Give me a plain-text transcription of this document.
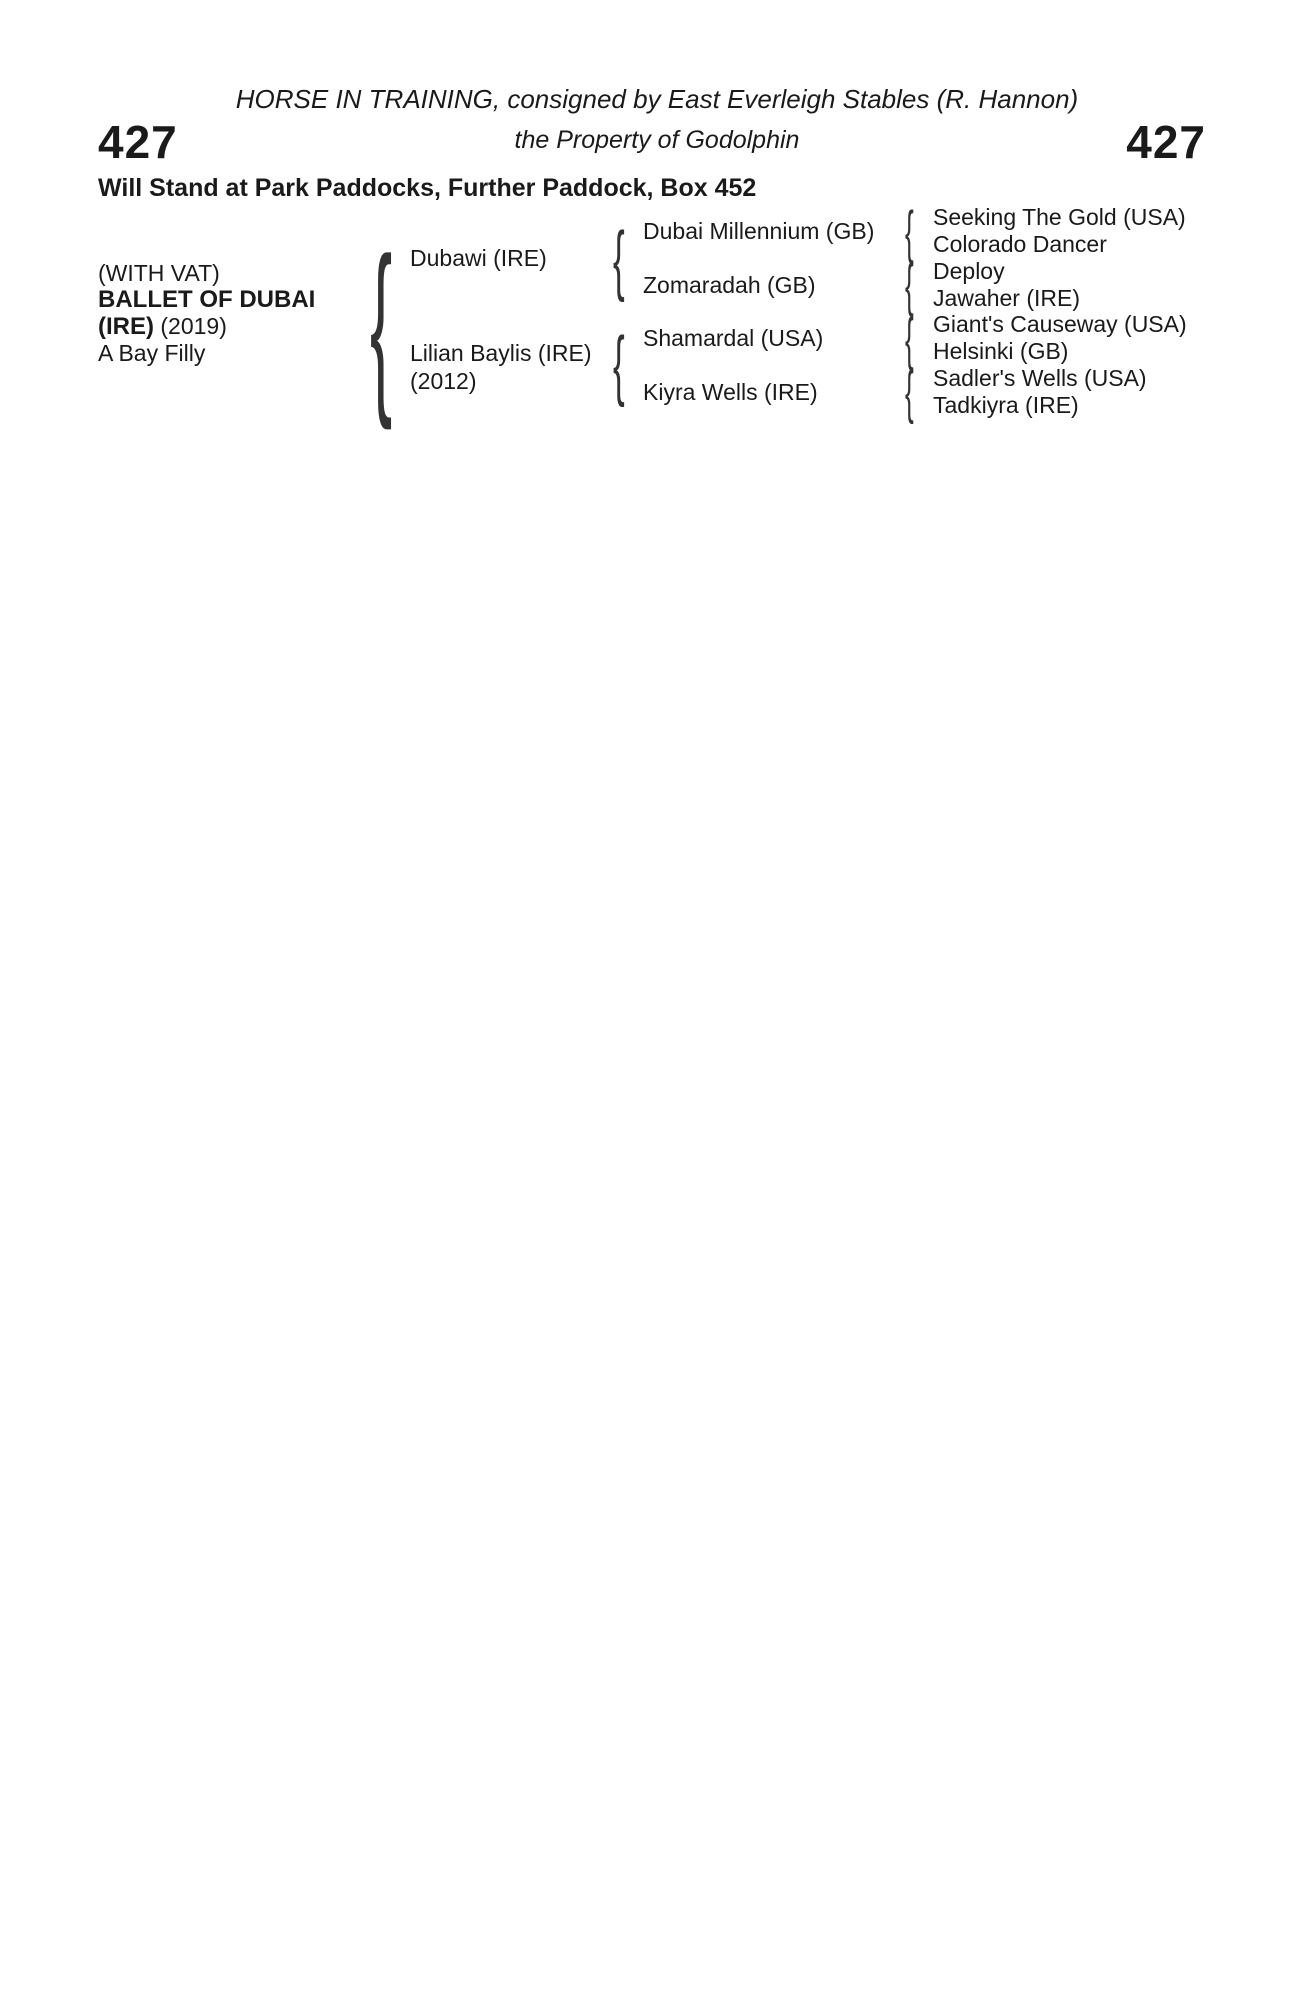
427	427
HORSE IN TRAINING, consigned by East Everleigh Stables (R. Hannon)
the Property of Godolphin
Will Stand at Park Paddocks, Further Paddock, Box 452
(WITH VAT)
BALLET OF DUBAI
(IRE) (2019)
A Bay Filly {	{
{
{
{
{
{
Dubawi (IRE)
Lilian Baylis (IRE)
(2012)
Dubai Millennium (GB)
Zomaradah (GB)
Shamardal (USA)
Kiyra Wells (IRE)
Seeking The Gold (USA)
Colorado Dancer
Deploy
Jawaher (IRE)
Giant's Causeway (USA)
Helsinki (GB)
Sadler's Wells (USA)
Tadkiyra (IRE)
